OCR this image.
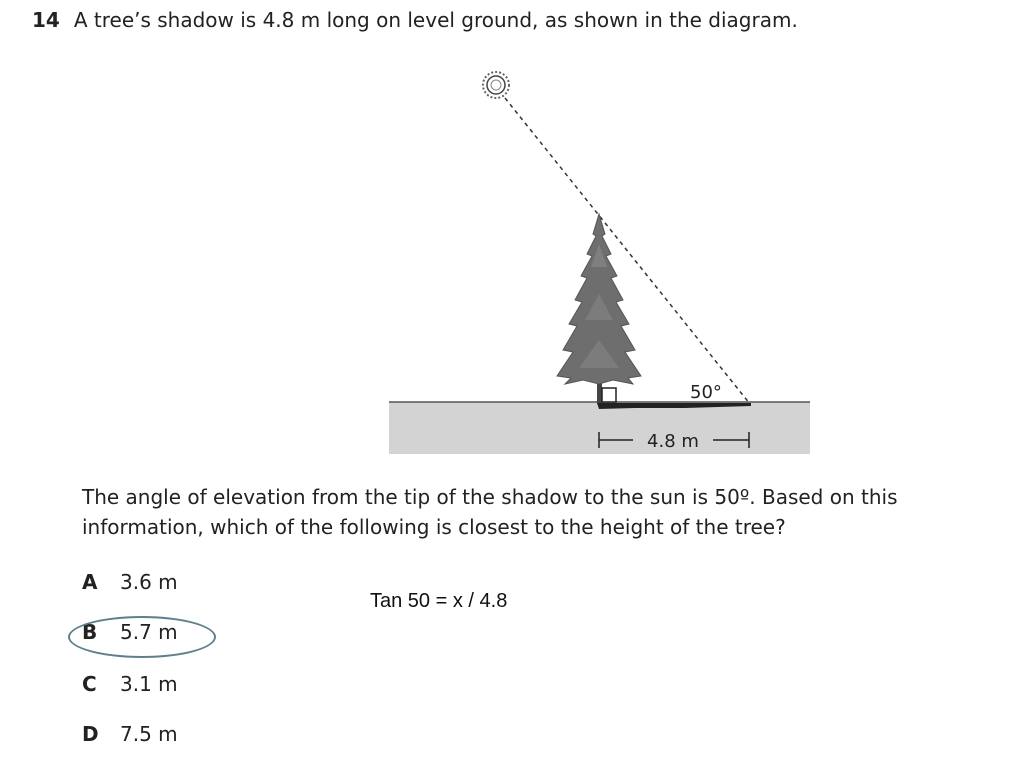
14 A tree’s shadow is 4.8 m long on level ground, as shown in the diagram.
50°
4.8 m
The angle of elevation from the tip of the shadow to the sun is 50º. Based on this information, which of the following is closest to the height of the tree?
A 3.6 m
B 5.7 m
C 3.1 m
D 7.5 m
Tan 50 = x / 4.8
